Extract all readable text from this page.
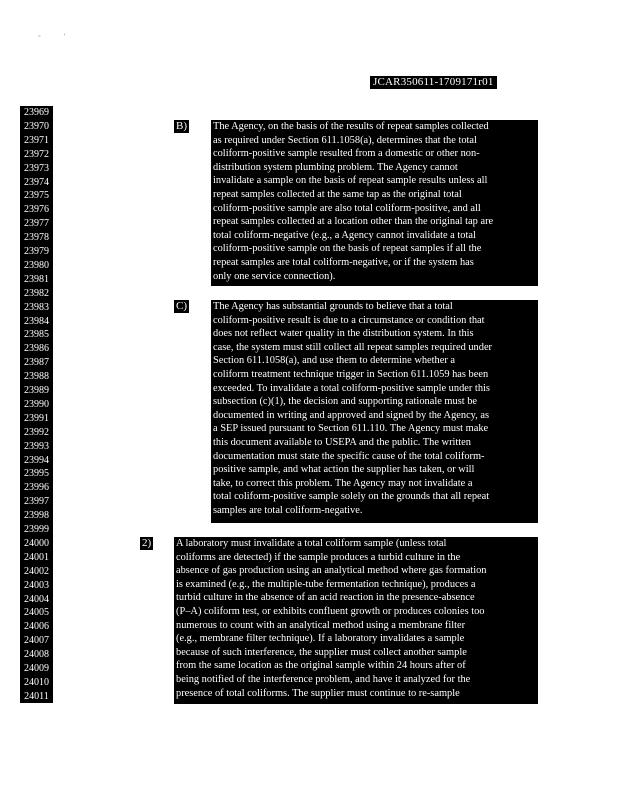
ˇ	'
JCAR350611-1709171r01
23969
23970
23971
23972
23973
23974
23975
23976
23977
23978
23979
23980
23981
23982
23983
23984
23985
23986
23987
23988
23989
23990
23991
23992
23993
23994
23995
23996
23997
23998
23999
24000
24001
24002
24003
24004
24005
24006
24007
24008
24009
24010
24011
B)	The Agency, on the basis of the results of repeat samples collected
as required under Section 611.1058(a), determines that the total
coliform-positive sample resulted from a domestic or other non-
distribution system plumbing problem. The Agency cannot
invalidate a sample on the basis of repeat sample results unless all
repeat samples collected at the same tap as the original total
coliform-positive sample are also total coliform-positive, and all
repeat samples collected at a location other than the original tap are
total coliform-negative (e.g., a Agency cannot invalidate a total
coliform-positive sample on the basis of repeat samples if all the
repeat samples are total coliform-negative, or if the system has
only one service connection).
C)	The Agency has substantial grounds to believe that a total
coliform-positive result is due to a circumstance or condition that
does not reflect water quality in the distribution system. In this
case, the system must still collect all repeat samples required under
Section 611.1058(a), and use them to determine whether a
coliform treatment technique trigger in Section 611.1059 has been
exceeded. To invalidate a total coliform-positive sample under this
subsection (c)(1), the decision and supporting rationale must be
documented in writing and approved and signed by the Agency, as
a SEP issued pursuant to Section 611.110. The Agency must make
this document available to USEPA and the public. The written
documentation must state the specific cause of the total coliform-
positive sample, and what action the supplier has taken, or will
take, to correct this problem. The Agency may not invalidate a
total coliform-positive sample solely on the grounds that all repeat
samples are total coliform-negative.
2) A laboratory must invalidate a total coliform sample (unless total
coliforms are detected) if the sample produces a turbid culture in the
absence of gas production using an analytical method where gas formation
is examined (e.g., the multiple-tube fermentation technique), produces a
turbid culture in the absence of an acid reaction in the presence-absence
(P–A) coliform test, or exhibits confluent growth or produces colonies too
numerous to count with an analytical method using a membrane filter
(e.g., membrane filter technique). If a laboratory invalidates a sample
because of such interference, the supplier must collect another sample
from the same location as the original sample within 24 hours after of
being notified of the interference problem, and have it analyzed for the
presence of total coliforms. The supplier must continue to re-sample
